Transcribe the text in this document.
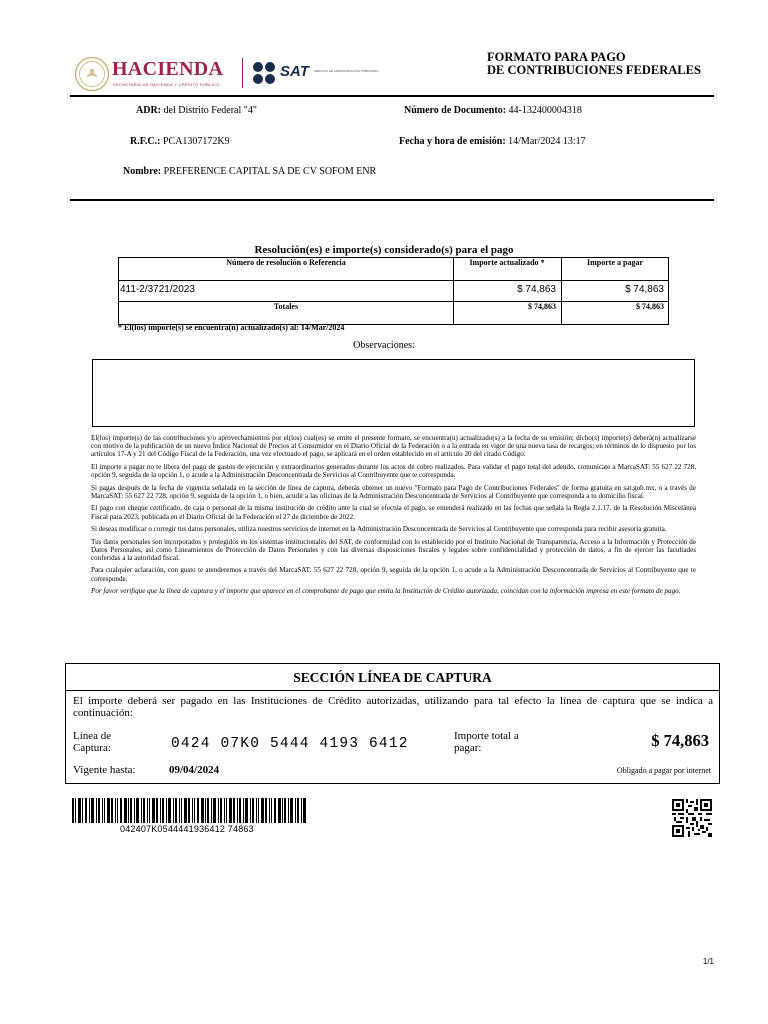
HACIENDA
SECRETARÍA DE HACIENDA Y CRÉDITO PÚBLICO
SAT SERVICIO DE ADMINISTRACIÓN TRIBUTARIA
FORMATO PARA PAGO
DE CONTRIBUCIONES FEDERALES
ADR: del Distrito Federal "4"	Número de Documento: 44-132400004318
R.F.C.: PCA1307172K9	Fecha y hora de emisión: 14/Mar/2024 13:17
Nombre: PREFERENCE CAPITAL SA DE CV SOFOM ENR
Resolución(es) e importe(s) considerado(s) para el pago
Número de resolución o Referencia	Importe actualizado *	Importe a pagar
411-2/3721/2023	$ 74,863	$ 74,863
Totales	$ 74,863	$ 74,863
* El(los) importe(s) se encuentra(n) actualizado(s) al: 14/Mar/2024
Observaciones:

El(los) importe(s) de las contribuciones y/o aprovechamientos por el(los) cual(es) se emite el presente formato, se encuentra(n) actualizado(s) a la fecha de su emisión; dicho(s) importe(s) deberá(n) actualizarse con motivo de la publicación de un nuevo Índice Nacional de Precios al Consumidor en el Diario Oficial de la Federación o a la entrada en vigor de una nueva tasa de recargos; en términos de lo dispuesto por los artículos 17-A y 21 del Código Fiscal de la Federación, una vez efectuado el pago, se aplicará en el orden establecido en el artículo 20 del citado Código.

El importe a pagar no te libera del pago de gastos de ejecución y extraordinarios generados durante los actos de cobro realizados. Para validar el pago total del adeudo, comunícate a MarcaSAT: 55 627 22 728, opción 9, seguida de la opción 1, o acude a la Administración Desconcentrada de Servicios al Contribuyente que te corresponda.

Si pagas después de la fecha de vigencia señalada en la sección de línea de captura, deberás obtener un nuevo "Formato para Pago de Contribuciones Federales" de forma gratuita en sat.gob.mx, o a través de MarcaSAT: 55 627 22 728, opción 9, seguida de la opción 1, o bien, acudir a las oficinas de la Administración Desconcentrada de Servicios al Contribuyente que corresponda a tu domicilio fiscal.

El pago con cheque certificado, de caja o personal de la misma institución de crédito ante la cual se efectúa el pago, se entenderá realizado en las fechas que señala la Regla 2.1.17. de la Resolución Miscelánea Fiscal para 2023, publicada en el Diario Oficial de la Federación el 27 de diciembre de 2022.

Si deseas modificar o corregir tus datos personales, utiliza nuestros servicios de internet en la Administración Desconcentrada de Servicios al Contribuyente que corresponda para recibir asesoría gratuita.

Tus datos personales son incorporados y protegidos en los sistemas institucionales del SAT, de conformidad con lo establecido por el Instituto Nacional de Transparencia, Acceso a la Información y Protección de Datos Personales, así como Lineamientos de Protección de Datos Personales y con las diversas disposiciones fiscales y legales sobre confidencialidad y protección de datos, a fin de ejercer las facultades conferidas a la autoridad fiscal.

Para cualquier aclaración, con gusto te atenderemos a través del MarcaSAT: 55 627 22 728, opción 9, seguida de la opción 1, o acude a la Administración Desconcentrada de Servicios al Contribuyente que te corresponde.

Por favor verifique que la línea de captura y el importe que aparece en el comprobante de pago que emita la Institución de Crédito autorizada, coincidan con la información impresa en este formato de pago.

SECCIÓN LÍNEA DE CAPTURA
El importe deberá ser pagado en las Instituciones de Crédito autorizadas, utilizando para tal efecto la línea de captura que se indica a continuación:
Línea de
Captura:	0424 07K0 5444 4193 6412	Importe total a
pagar:	$ 74,863
Vigente hasta:	09/04/2024	Obligado a pagar por internet
042407K0544441936412 74863
1/1
